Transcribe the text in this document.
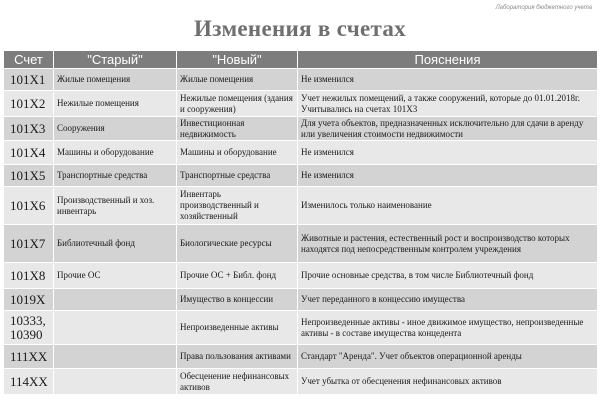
Лаборатория бюджетного учета
Изменения в счетах
Счет	"Старый"	"Новый"	Пояснения
101Х1	Жилые помещения	Жилые помещения	Не изменился
101Х2	Нежилые помещения	Нежилые помещения (здания и сооружения)	Учет нежилых помещений, а также сооружений, которые до 01.01.2018г. Учитывались на счетах 101Х3
101Х3	Сооружения	Инвестиционная недвижимость	Для учета объектов, предназначенных исключительно для сдачи в аренду или увеличения стоимости недвижимости
101Х4	Машины и оборудование	Машины и оборудование	Не изменился
101Х5	Транспортные средства	Транспортные средства	Не изменился
101Х6	Производственный и хоз. инвентарь	Инвентарь производственный и хозяйственный	Изменилось только наименование
101Х7	Библиотечный фонд	Биологические ресурсы	Животные и растения, естественный рост и воспроизводство которых находятся под непосредственным контролем учреждения
101Х8	Прочие ОС	Прочие ОС + Библ. фонд	Прочие основные средства, в том числе Библиотечный фонд
1019Х		Имущество в концессии	Учет переданного в концессию имущества
10333, 10390		Непроизведенные активы	Непроизведенные активы - иное движимое имущество, непроизведенные активы - в составе имущества концедента
111ХХ		Права пользования активами	Стандарт "Аренда". Учет объектов операционной аренды
114ХХ		Обесценение нефинансовых активов	Учет убытка от обесценения нефинансовых активов
